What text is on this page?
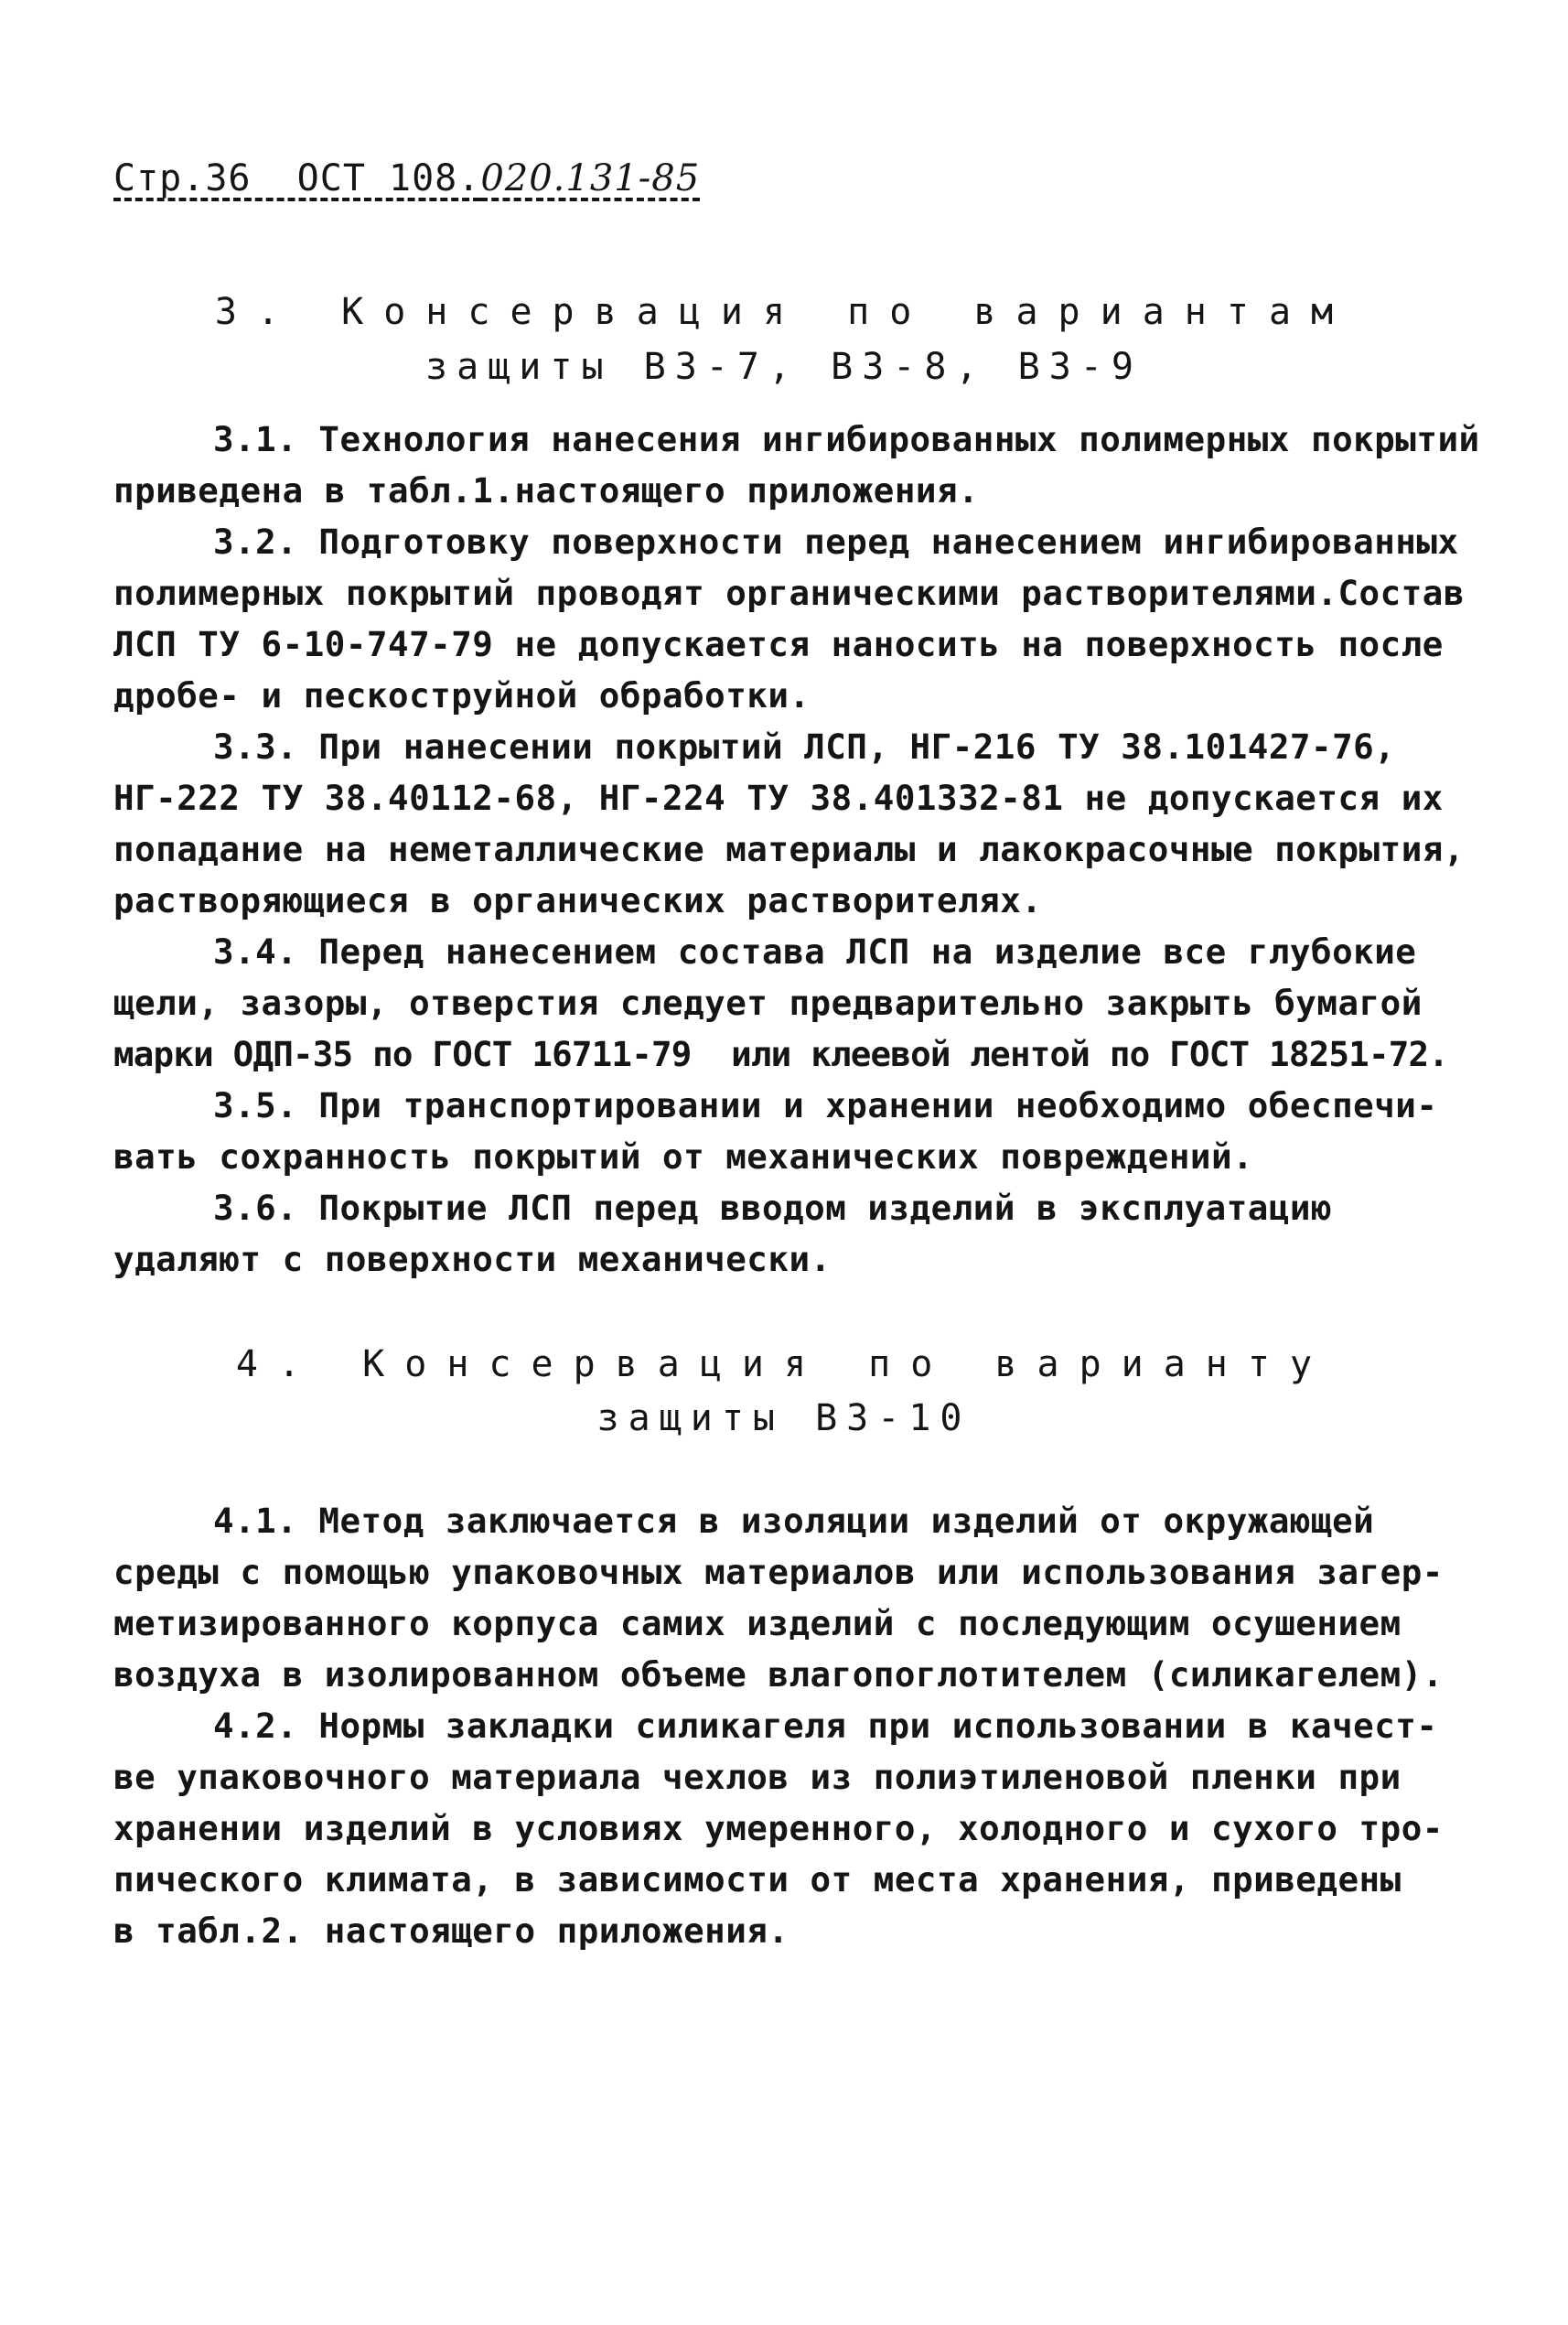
Стр.36  ОСТ 108.020.131-85
3. Консервация по вариантам
защиты ВЗ-7, ВЗ-8, ВЗ-9
4. Консервация по варианту
защиты ВЗ-10
3.1. Технология нанесения ингибированных полимерных покрытий
приведена в табл.1.настоящего приложения.
3.2. Подготовку поверхности перед нанесением ингибированных
полимерных покрытий проводят органическими растворителями.Состав
ЛСП ТУ 6-10-747-79 не допускается наносить на поверхность после
дробе- и пескоструйной обработки.
3.3. При нанесении покрытий ЛСП, НГ-216 ТУ 38.101427-76,
НГ-222 ТУ 38.40112-68, НГ-224 ТУ 38.401332-81 не допускается их
попадание на неметаллические материалы и лакокрасочные покрытия,
растворяющиеся в органических растворителях.
3.4. Перед нанесением состава ЛСП на изделие все глубокие
щели, зазоры, отверстия следует предварительно закрыть бумагой
марки ОДП-35 по ГОСТ 16711-79  или клеевой лентой по ГОСТ 18251-72.
3.5. При транспортировании и хранении необходимо обеспечи-
вать сохранность покрытий от механических повреждений.
3.6. Покрытие ЛСП перед вводом изделий в эксплуатацию
удаляют с поверхности механически.
4.1. Метод заключается в изоляции изделий от окружающей
среды с помощью упаковочных материалов или использования загер-
метизированного корпуса самих изделий с последующим осушением
воздуха в изолированном объеме влагопоглотителем (силикагелем).
4.2. Нормы закладки силикагеля при использовании в качест-
ве упаковочного материала чехлов из полиэтиленовой пленки при
хранении изделий в условиях умеренного, холодного и сухого тро-
пического климата, в зависимости от места хранения, приведены
в табл.2. настоящего приложения.
